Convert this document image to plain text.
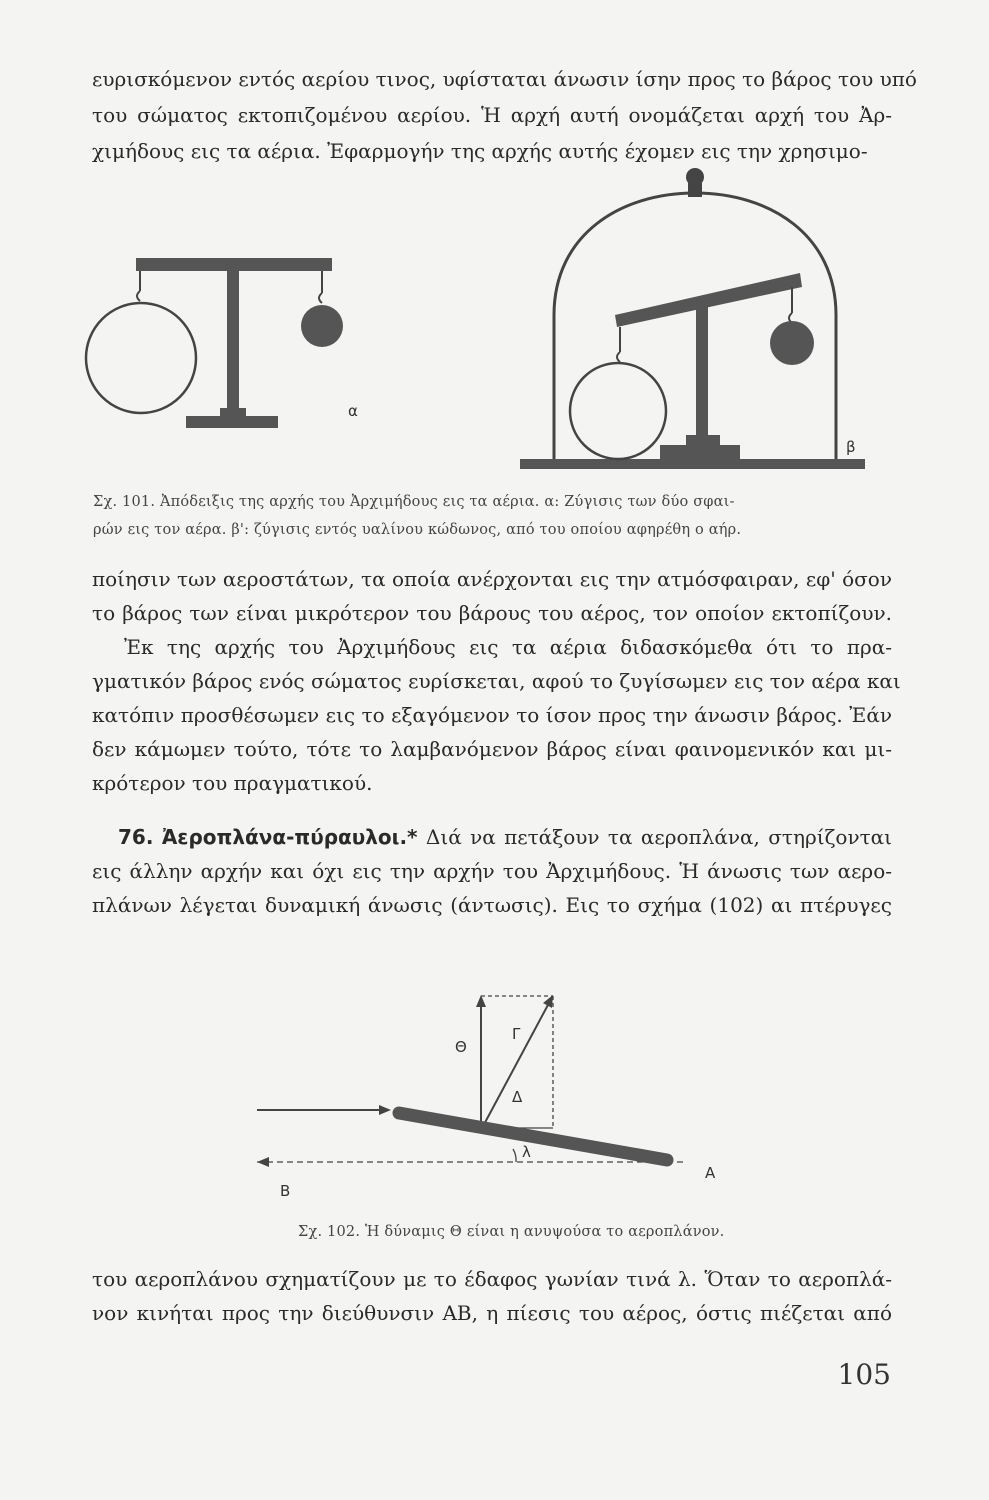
ευρισκόμενον εντός αερίου τινος, υφίσταται άνωσιν ίσην προς το βάρος του υπό
του σώματος εκτοπιζομένου αερίου. Ἡ αρχή αυτή ονομάζεται αρχή του Ἀρ-
χιμήδους εις τα αέρια. Ἐφαρμογήν της αρχής αυτής έχομεν εις την χρησιμο-
α
β
Σχ. 101. Ἀπόδειξις της αρχής του Ἀρχιμήδους εις τα αέρια. α: Ζύγισις των δύο σφαι-
ρών εις τον αέρα. β': ζύγισις εντός υαλίνου κώδωνος, από του οποίου αφηρέθη ο αήρ.
ποίησιν των αεροστάτων, τα οποία ανέρχονται εις την ατμόσφαιραν, εφ' όσον
το βάρος των είναι μικρότερον του βάρους του αέρος, τον οποίον εκτοπίζουν.
Ἐκ της αρχής του Ἀρχιμήδους εις τα αέρια διδασκόμεθα ότι το πρα-
γματικόν βάρος ενός σώματος ευρίσκεται, αφού το ζυγίσωμεν εις τον αέρα και
κατόπιν προσθέσωμεν εις το εξαγόμενον το ίσον προς την άνωσιν βάρος. Ἐάν
δεν κάμωμεν τούτο, τότε το λαμβανόμενον βάρος είναι φαινομενικόν και μι-
κρότερον του πραγματικού.
76. Ἀεροπλάνα-πύραυλοι.* Διά να πετάξουν τα αεροπλάνα, στηρίζονται
εις άλλην αρχήν και όχι εις την αρχήν του Ἀρχιμήδους. Ἡ άνωσις των αερο-
πλάνων λέγεται δυναμική άνωσις (άντωσις). Εις το σχήμα (102) αι πτέρυγες
Θ
Γ
Δ
λ
Α
Β
Σχ. 102. Ἡ δύναμις Θ είναι η ανυψούσα το αεροπλάνον.
του αεροπλάνου σχηματίζουν με το έδαφος γωνίαν τινά λ. Ὅταν το αεροπλά-
νον κινήται προς την διεύθυνσιν ΑΒ, η πίεσις του αέρος, όστις πιέζεται από
105
